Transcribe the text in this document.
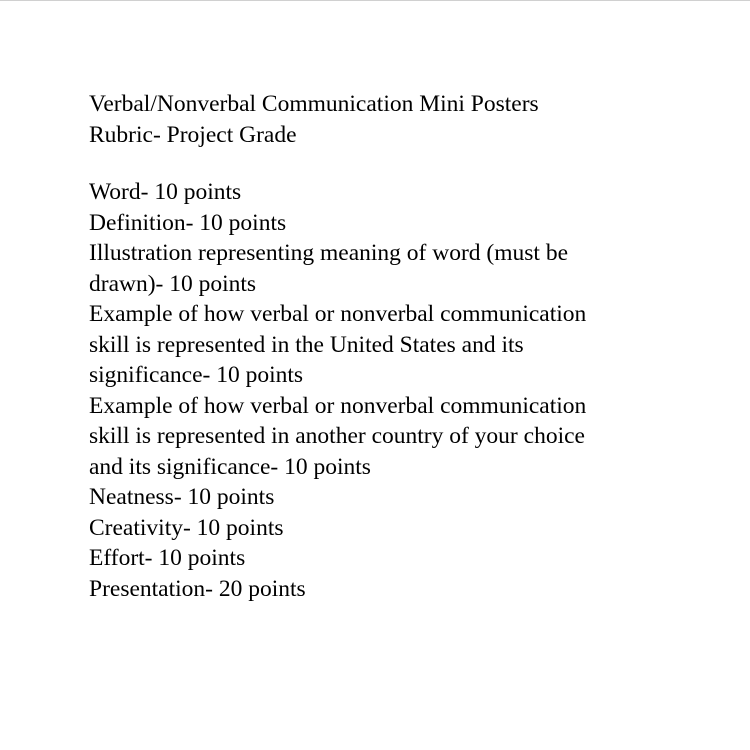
Verbal/Nonverbal Communication Mini Posters
Rubric- Project Grade
Word- 10 points
Definition- 10 points
Illustration representing meaning of word (must be
drawn)- 10 points
Example of how verbal or nonverbal communication
skill is represented in the United States and its
significance- 10 points
Example of how verbal or nonverbal communication
skill is represented in another country of your choice
and its significance- 10 points
Neatness- 10 points
Creativity- 10 points
Effort- 10 points
Presentation- 20 points
